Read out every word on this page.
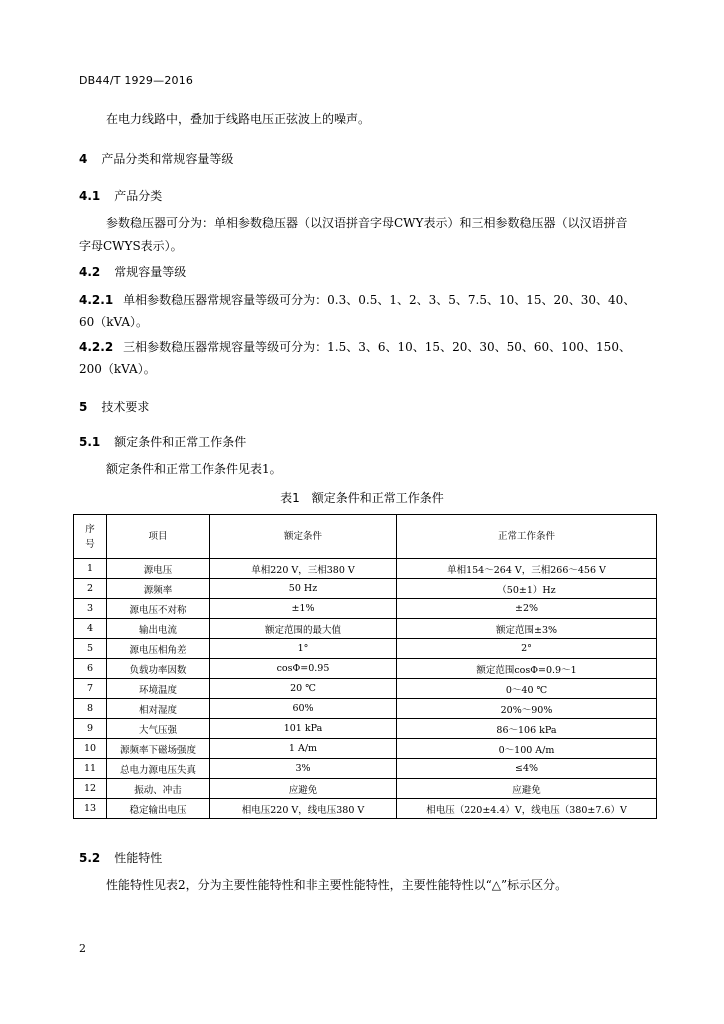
DB44/T 1929—2016
在电力线路中，叠加于线路电压正弦波上的噪声。
4 产品分类和常规容量等级
4.1 产品分类
参数稳压器可分为：单相参数稳压器（以汉语拼音字母CWY表示）和三相参数稳压器（以汉语拼音
字母CWYS表示）。
4.2 常规容量等级
4.2.1 单相参数稳压器常规容量等级可分为：0.3、0.5、1、2、3、5、7.5、10、15、20、30、40、
60（kVA）。
4.2.2 三相参数稳压器常规容量等级可分为：1.5、3、6、10、15、20、30、50、60、100、150、
200（kVA）。
5 技术要求
5.1 额定条件和正常工作条件
额定条件和正常工作条件见表1。
表1　额定条件和正常工作条件
序
号	项目	额定条件	正常工作条件
1	源电压	单相220 V，三相380 V	单相154～264 V，三相266～456 V
2	源频率	50 Hz	（50±1）Hz
3	源电压不对称	±1%	±2%
4	输出电流	额定范围的最大值	额定范围±3%
5	源电压相角差	1°	2°
6	负载功率因数	cosΦ=0.95	额定范围cosΦ=0.9～1
7	环境温度	20 ℃	0～40 ℃
8	相对湿度	60%	20%～90%
9	大气压强	101 kPa	86～106 kPa
10	源频率下磁场强度	1 A/m	0～100 A/m
11	总电力源电压失真	3%	≤4%
12	振动、冲击	应避免	应避免
13	稳定输出电压	相电压220 V，线电压380 V	相电压（220±4.4）V，线电压（380±7.6）V
5.2 性能特性
性能特性见表2，分为主要性能特性和非主要性能特性，主要性能特性以“△”标示区分。
2
